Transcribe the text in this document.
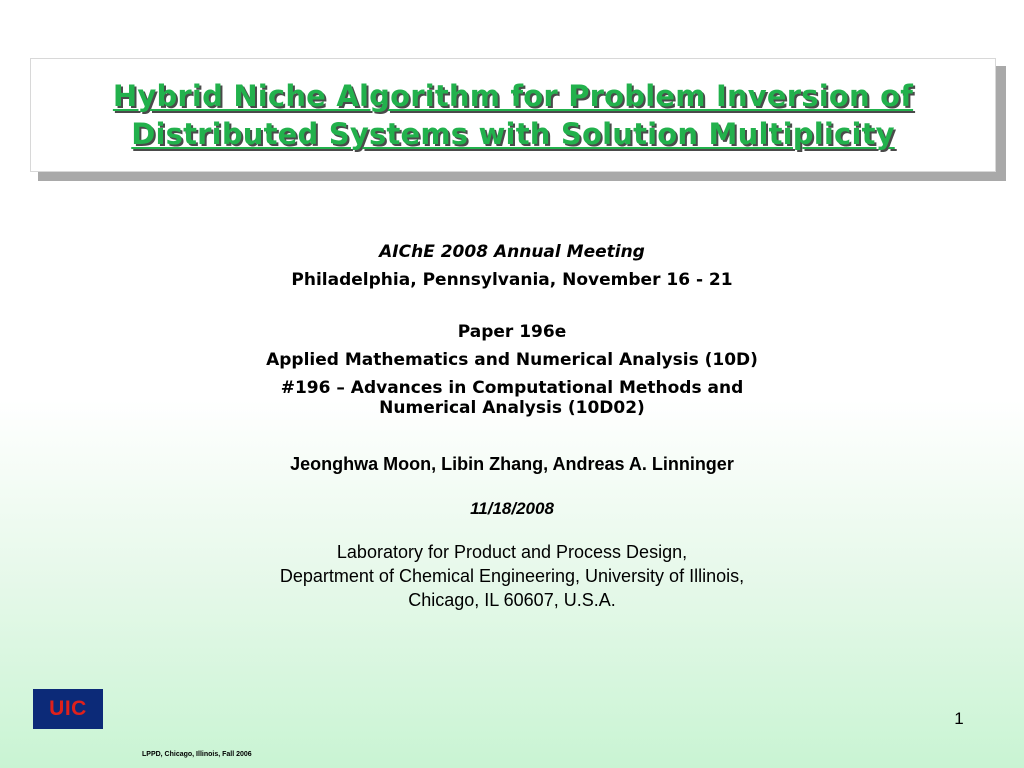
Hybrid Niche Algorithm for Problem Inversion of
Distributed Systems with Solution Multiplicity
AIChE 2008 Annual Meeting
Philadelphia, Pennsylvania, November 16 - 21
Paper 196e
Applied Mathematics and Numerical Analysis (10D)
#196 – Advances in Computational Methods and
Numerical Analysis (10D02)
Jeonghwa Moon, Libin Zhang, Andreas A. Linninger
11/18/2008
Laboratory for Product and Process Design,
Department of Chemical Engineering, University of Illinois,
Chicago, IL 60607, U.S.A.
UIC	1
LPPD, Chicago, Illinois, Fall 2006
